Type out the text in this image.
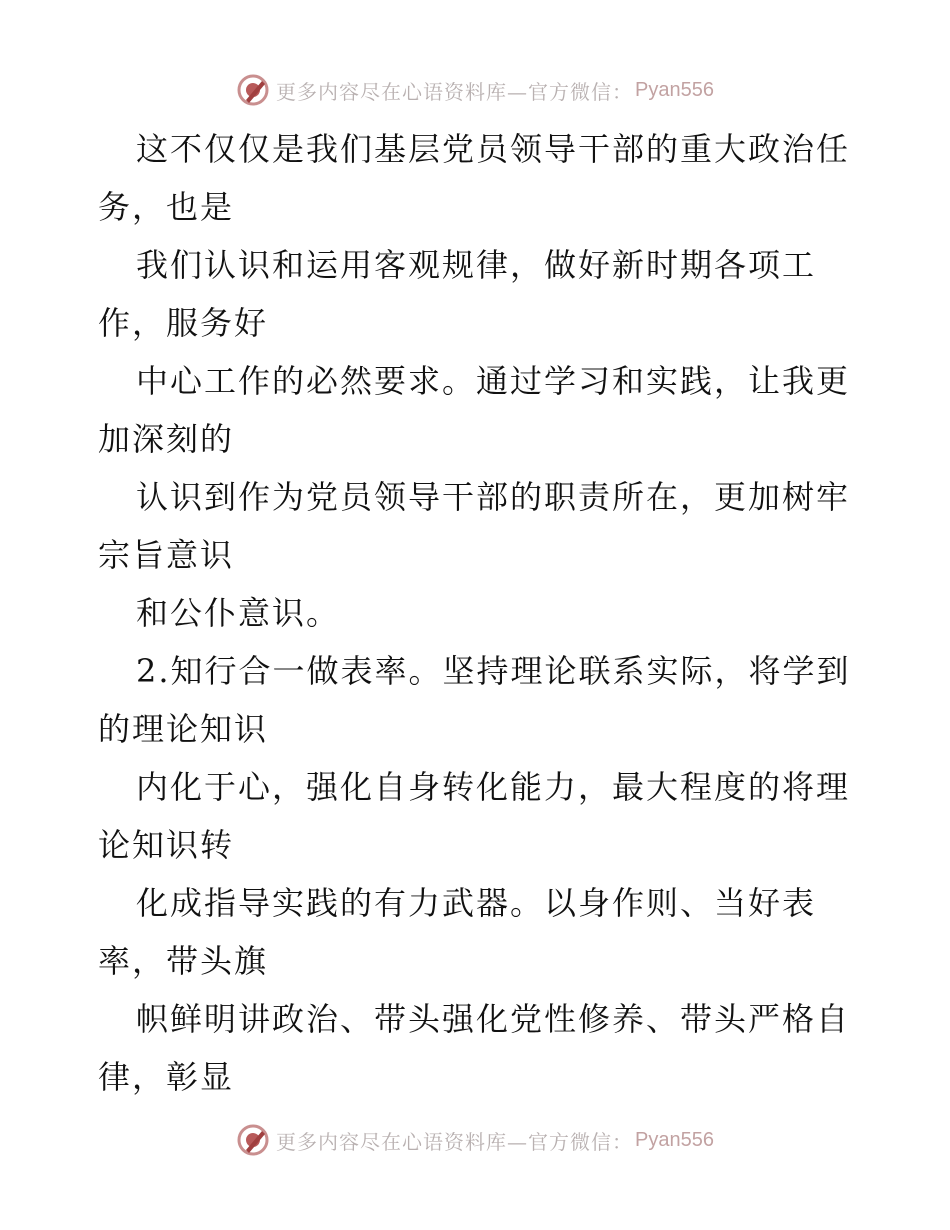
更多内容尽在心语资料库—官方微信： Pyan556
这不仅仅是我们基层党员领导干部的重大政治任
务，也是
我们认识和运用客观规律，做好新时期各项工
作，服务好
中心工作的必然要求。通过学习和实践，让我更
加深刻的
认识到作为党员领导干部的职责所在，更加树牢
宗旨意识
和公仆意识。
2.知行合一做表率。坚持理论联系实际，将学到
的理论知识
内化于心，强化自身转化能力，最大程度的将理
论知识转
化成指导实践的有力武器。以身作则、当好表
率，带头旗
帜鲜明讲政治、带头强化党性修养、带头严格自
律，彰显
更多内容尽在心语资料库—官方微信： Pyan556
